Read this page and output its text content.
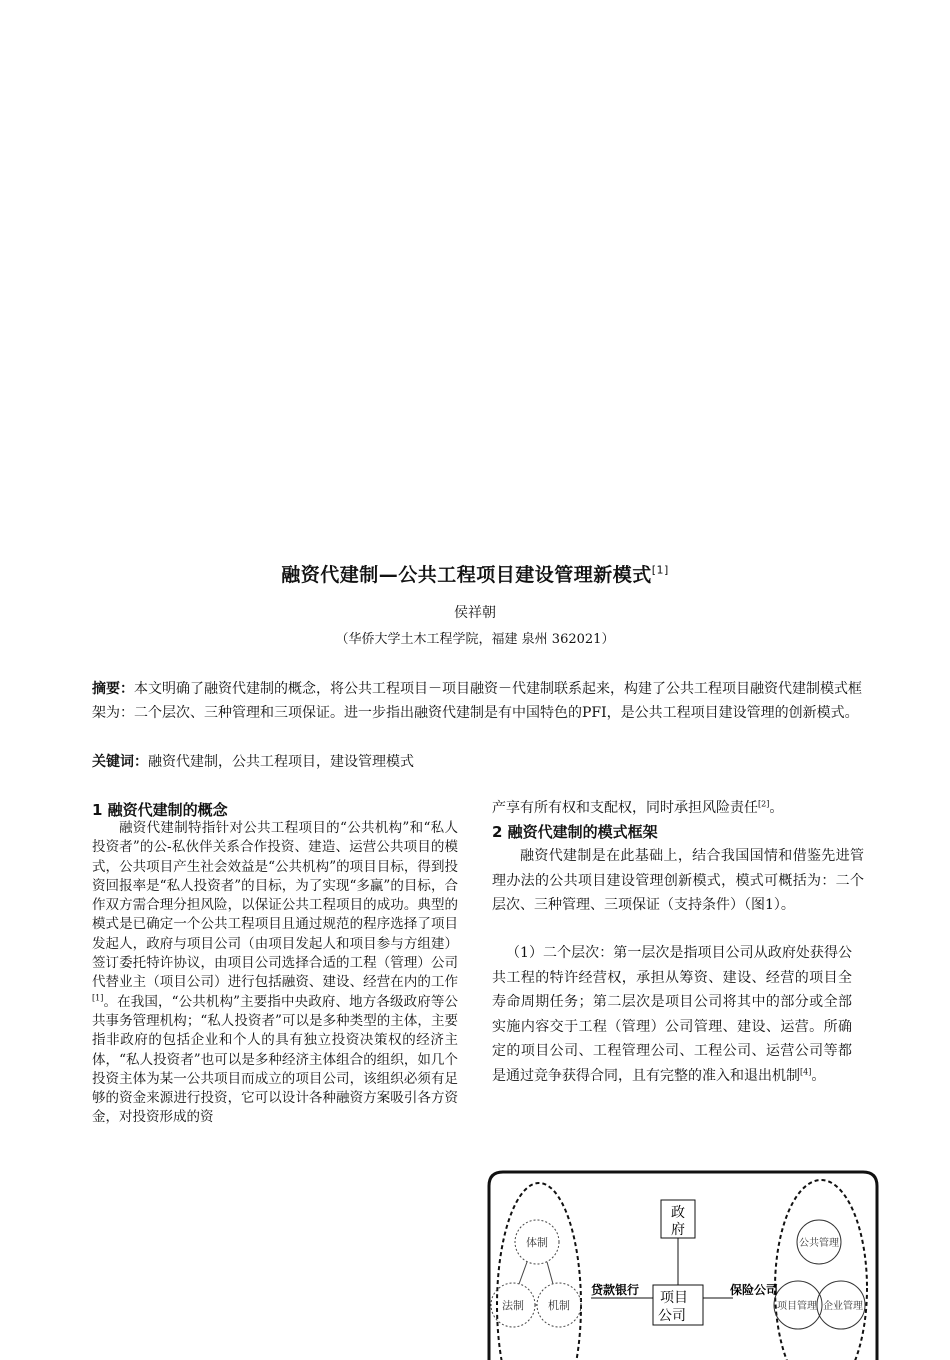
融资代建制—公共工程项目建设管理新模式[1]
侯祥朝
（华侨大学土木工程学院，福建 泉州 362021）
摘要：本文明确了融资代建制的概念，将公共工程项目－项目融资－代建制联系起来，构建了公共工程项目融资代建制模式框架为：二个层次、三种管理和三项保证。进一步指出融资代建制是有中国特色的PFI，是公共工程项目建设管理的创新模式。
关键词：融资代建制，公共工程项目，建设管理模式
1 融资代建制的概念
融资代建制特指针对公共工程项目的“公共机构”和“私人投资者”的公-私伙伴关系合作投资、建造、运营公共项目的模式，公共项目产生社会效益是“公共机构”的项目目标，得到投资回报率是“私人投资者”的目标，为了实现“多赢”的目标，合作双方需合理分担风险，以保证公共工程项目的成功。典型的模式是已确定一个公共工程项目且通过规范的程序选择了项目发起人，政府与项目公司（由项目发起人和项目参与方组建）签订委托特许协议，由项目公司选择合适的工程（管理）公司代替业主（项目公司）进行包括融资、建设、经营在内的工作[1]。在我国，“公共机构”主要指中央政府、地方各级政府等公共事务管理机构；“私人投资者”可以是多种类型的主体，主要指非政府的包括企业和个人的具有独立投资决策权的经济主体，“私人投资者”也可以是多种经济主体组合的组织，如几个投资主体为某一公共项目而成立的项目公司，该组织必须有足够的资金来源进行投资，它可以设计各种融资方案吸引各方资金，对投资形成的资
产享有所有权和支配权，同时承担风险责任[2]。
2 融资代建制的模式框架
融资代建制是在此基础上，结合我国国情和借鉴先进管理办法的公共项目建设管理创新模式，模式可概括为：二个层次、三种管理、三项保证（支持条件）（图1）。
（1）二个层次：第一层次是指项目公司从政府处获得公共工程的特许经营权，承担从筹资、建设、经营的项目全寿命周期任务；第二层次是项目公司将其中的部分或全部实施内容交于工程（管理）公司管理、建设、运营。所确定的项目公司、工程管理公司、工程公司、运营公司等都是通过竞争获得合同，且有完整的准入和退出机制[4]。
体制
法制 机制
公共管理
项目管理 企业管理
政
府
项目
公司
贷款银行	保险公司
